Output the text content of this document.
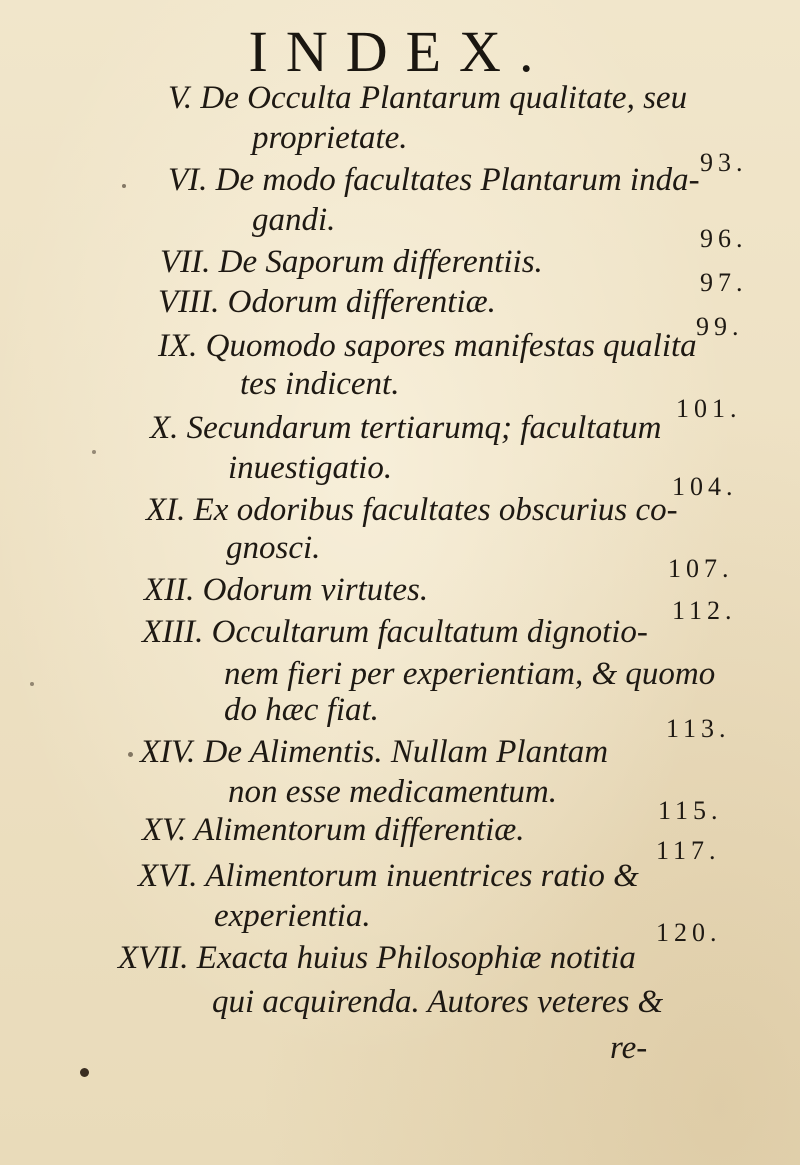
INDEX.
V. De Occulta Plantarum qualitate, seu
proprietate.
93.
VI. De modo facultates Plantarum inda-
gandi.
96.
VII. De Saporum differentiis.
97.
VIII. Odorum differentiæ.
99.
IX. Quomodo sapores manifestas qualita
tes indicent.
101.
X. Secundarum tertiarumq; facultatum
inuestigatio.
104.
XI. Ex odoribus facultates obscurius co-
gnosci.
107.
XII. Odorum virtutes.
112.
XIII. Occultarum facultatum dignotio-
nem fieri per experientiam, & quomo
do hæc fiat.
113.
XIV. De Alimentis. Nullam Plantam
non esse medicamentum.
115.
XV. Alimentorum differentiæ.
117.
XVI. Alimentorum inuentrices ratio &
experientia.	120.
XVII. Exacta huius Philosophiæ notitia
qui acquirenda. Autores veteres &
re-
